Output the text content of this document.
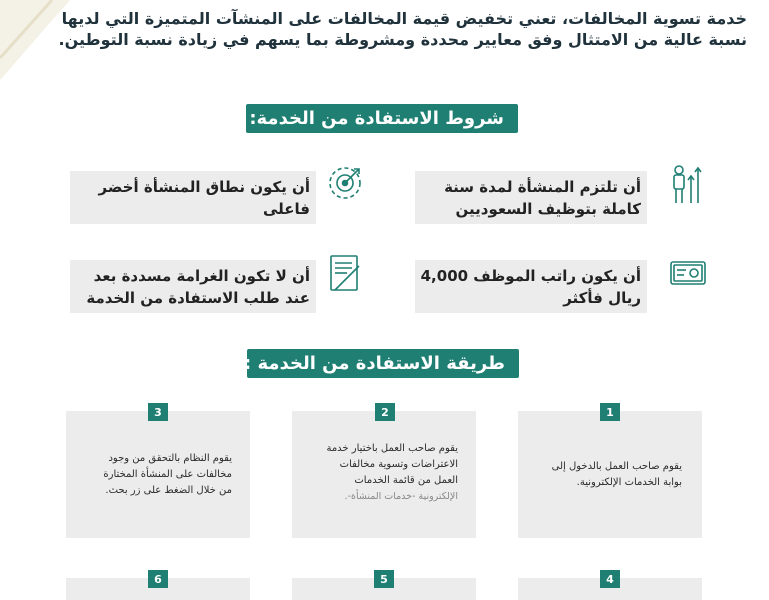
خدمة تسوية المخالفات، تعني تخفيض قيمة المخالفات على المنشآت المتميزة التي لديها
نسبة عالية من الامتثال وفق معايير محددة ومشروطة بما يسهم في زيادة نسبة التوطين.
شروط الاستفادة من الخدمة:
أن تلتزم المنشأة لمدة سنة
كاملة بتوظيف السعوديين
أن يكون نطاق المنشأة أخضر
فاعلى
أن يكون راتب الموظف 4,000
ريال فأكثر
أن لا تكون الغرامة مسددة بعد
عند طلب الاستفادة من الخدمة
طريقة الاستفادة من الخدمة :
1
يقوم صاحب العمل بالدخول إلى
بوابة الخدمات الإلكترونية.
2
يقوم صاحب العمل باختيار خدمة
الاعتراضات وتسوية مخالفات
العمل من قائمة الخدمات
الإلكترونية -خدمات المنشأة-.
3
يقوم النظام بالتحقق من وجود
مخالفات على المنشأة المختارة
من خلال الضغط على زر بحث.
4
5
6
